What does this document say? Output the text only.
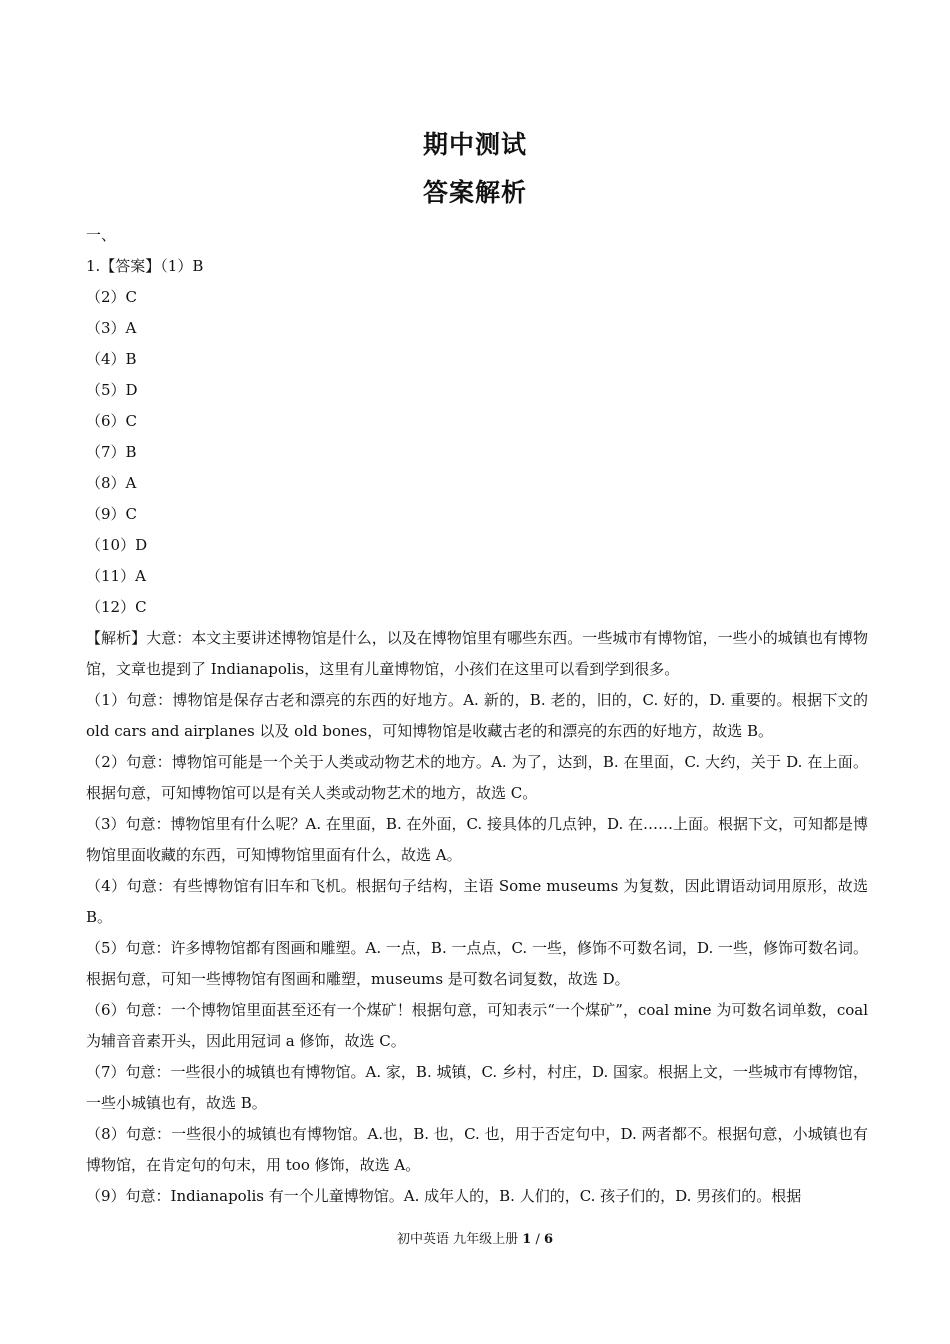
期中测试
答案解析
一、
1.【答案】（1）B
（2）C
（3）A
（4）B
（5）D
（6）C
（7）B
（8）A
（9）C
（10）D
（11）A
（12）C
【解析】大意：本文主要讲述博物馆是什么，以及在博物馆里有哪些东西。一些城市有博物馆，一些小的城镇也有博物馆，文章也提到了 Indianapolis，这里有儿童博物馆，小孩们在这里可以看到学到很多。
（1）句意：博物馆是保存古老和漂亮的东西的好地方。A. 新的，B. 老的，旧的，C. 好的，D. 重要的。根据下文的 old cars and airplanes 以及 old bones，可知博物馆是收藏古老的和漂亮的东西的好地方，故选 B。
（2）句意：博物馆可能是一个关于人类或动物艺术的地方。A. 为了，达到，B. 在里面，C. 大约，关于 D. 在上面。根据句意，可知博物馆可以是有关人类或动物艺术的地方，故选 C。
（3）句意：博物馆里有什么呢？A. 在里面，B. 在外面，C. 接具体的几点钟，D. 在……上面。根据下文，可知都是博物馆里面收藏的东西，可知博物馆里面有什么，故选 A。
（4）句意：有些博物馆有旧车和飞机。根据句子结构，主语 Some museums 为复数，因此谓语动词用原形，故选 B。
（5）句意：许多博物馆都有图画和雕塑。A. 一点，B. 一点点，C. 一些，修饰不可数名词，D. 一些，修饰可数名词。根据句意，可知一些博物馆有图画和雕塑，museums 是可数名词复数，故选 D。
（6）句意：一个博物馆里面甚至还有一个煤矿！根据句意，可知表示“一个煤矿”，coal mine 为可数名词单数，coal 为辅音音素开头，因此用冠词 a 修饰，故选 C。
（7）句意：一些很小的城镇也有博物馆。A. 家，B. 城镇，C. 乡村，村庄，D. 国家。根据上文，一些城市有博物馆，一些小城镇也有，故选 B。
（8）句意：一些很小的城镇也有博物馆。A.也，B. 也，C. 也，用于否定句中，D. 两者都不。根据句意，小城镇也有博物馆，在肯定句的句末，用 too 修饰，故选 A。
（9）句意：Indianapolis 有一个儿童博物馆。A. 成年人的，B. 人们的，C. 孩子们的，D. 男孩们的。根据
初中英语 九年级上册 1 / 6
